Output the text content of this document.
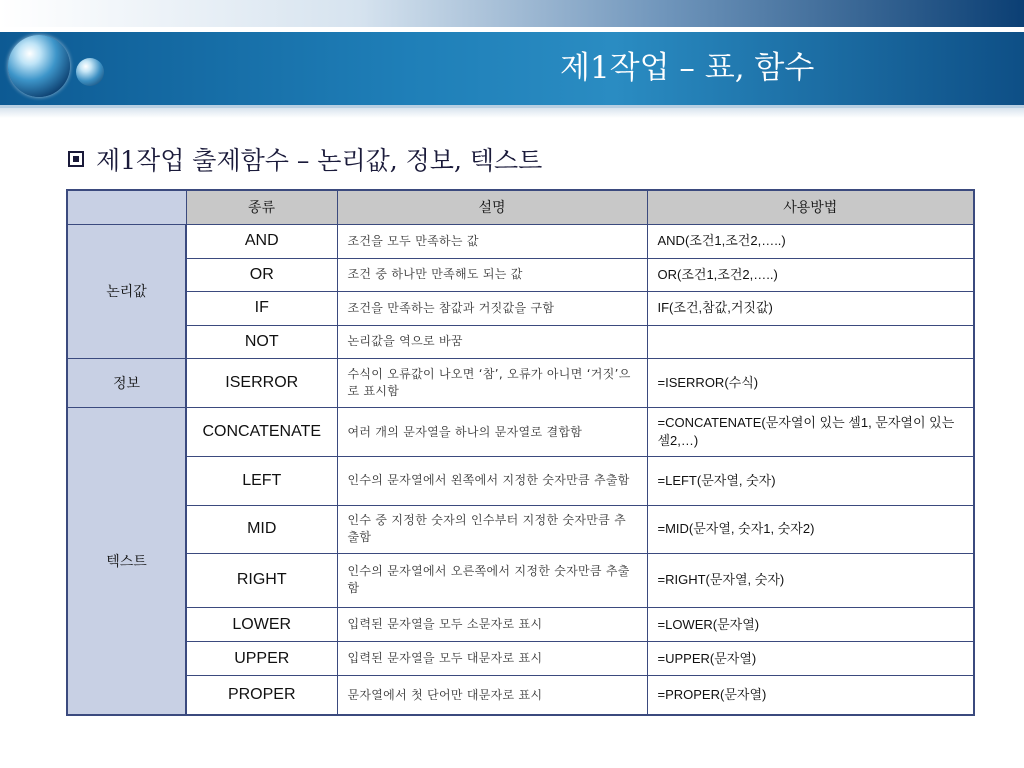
제1작업 – 표, 함수
제1작업 출제함수 – 논리값, 정보, 텍스트
	종류	설명	사용방법
논리값	AND	조건을 모두 만족하는 값	AND(조건1,조건2,…..)
	OR	조건 중 하나만 만족해도 되는 값	OR(조건1,조건2,…..)
	IF	조건을 만족하는 참값과 거짓값을 구함	IF(조건,참값,거짓값)
	NOT	논리값을 역으로 바꿈	
정보	ISERROR	수식이 오류값이 나오면 ‘참’, 오류가 아니면 ‘거짓’으로 표시함	=ISERROR(수식)
텍스트	CONCATENATE	여러 개의 문자열을 하나의 문자열로 결합함	=CONCATENATE(문자열이 있는 셀1, 문자열이 있는 셀2,…)
	LEFT	인수의 문자열에서 왼쪽에서 지정한 숫자만큼 추출함	=LEFT(문자열, 숫자)
	MID	인수 중 지정한 숫자의 인수부터 지정한 숫자만큼 추출함	=MID(문자열, 숫자1, 숫자2)
	RIGHT	인수의 문자열에서 오른쪽에서 지정한 숫자만큼 추출함	=RIGHT(문자열, 숫자)
	LOWER	입력된 문자열을 모두 소문자로 표시	=LOWER(문자열)
	UPPER	입력된 문자열을 모두 대문자로 표시	=UPPER(문자열)
	PROPER	문자열에서 첫 단어만 대문자로 표시	=PROPER(문자열)
